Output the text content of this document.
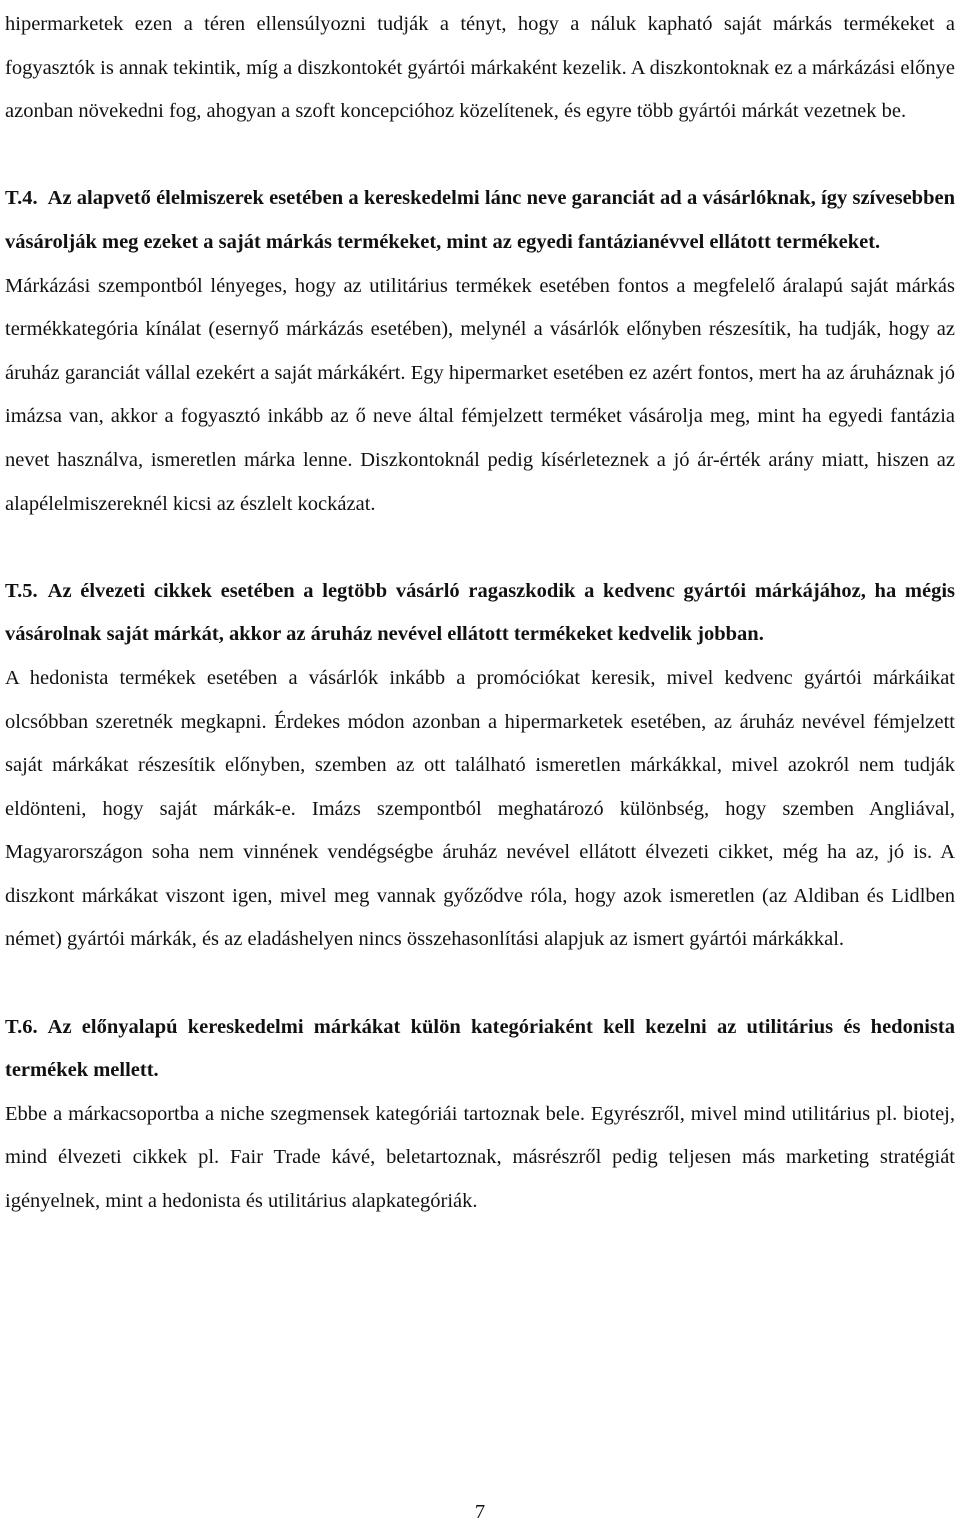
hipermarketek ezen a téren ellensúlyozni tudják a tényt, hogy a náluk kapható saját márkás termékeket a fogyasztók is annak tekintik, míg a diszkontokét gyártói márkaként kezelik. A diszkontoknak ez a márkázási előnye azonban növekedni fog, ahogyan a szoft koncepcióhoz közelítenek, és egyre több gyártói márkát vezetnek be.

T.4. Az alapvető élelmiszerek esetében a kereskedelmi lánc neve garanciát ad a vásárlóknak, így szívesebben vásárolják meg ezeket a saját márkás termékeket, mint az egyedi fantázianévvel ellátott termékeket.

Márkázási szempontból lényeges, hogy az utilitárius termékek esetében fontos a megfelelő áralapú saját márkás termékkategória kínálat (esernyő márkázás esetében), melynél a vásárlók előnyben részesítik, ha tudják, hogy az áruház garanciát vállal ezekért a saját márkákért. Egy hipermarket esetében ez azért fontos, mert ha az áruháznak jó imázsa van, akkor a fogyasztó inkább az ő neve által fémjelzett terméket vásárolja meg, mint ha egyedi fantázia nevet használva, ismeretlen márka lenne. Diszkontoknál pedig kísérleteznek a jó ár-érték arány miatt, hiszen az alapélelmiszereknél kicsi az észlelt kockázat.

T.5. Az élvezeti cikkek esetében a legtöbb vásárló ragaszkodik a kedvenc gyártói márkájához, ha mégis vásárolnak saját márkát, akkor az áruház nevével ellátott termékeket kedvelik jobban.

A hedonista termékek esetében a vásárlók inkább a promóciókat keresik, mivel kedvenc gyártói márkáikat olcsóbban szeretnék megkapni. Érdekes módon azonban a hipermarketek esetében, az áruház nevével fémjelzett saját márkákat részesítik előnyben, szemben az ott található ismeretlen márkákkal, mivel azokról nem tudják eldönteni, hogy saját márkák-e. Imázs szempontból meghatározó különbség, hogy szemben Angliával, Magyarországon soha nem vinnének vendégségbe áruház nevével ellátott élvezeti cikket, még ha az, jó is. A diszkont márkákat viszont igen, mivel meg vannak győződve róla, hogy azok ismeretlen (az Aldiban és Lidlben német) gyártói márkák, és az eladáshelyen nincs összehasonlítási alapjuk az ismert gyártói márkákkal.

T.6. Az előnyalapú kereskedelmi márkákat külön kategóriaként kell kezelni az utilitárius és hedonista termékek mellett.

Ebbe a márkacsoportba a niche szegmensek kategóriái tartoznak bele. Egyrészről, mivel mind utilitárius pl. biotej, mind élvezeti cikkek pl. Fair Trade kávé, beletartoznak, másrészről pedig teljesen más marketing stratégiát igényelnek, mint a hedonista és utilitárius alapkategóriák.

7
